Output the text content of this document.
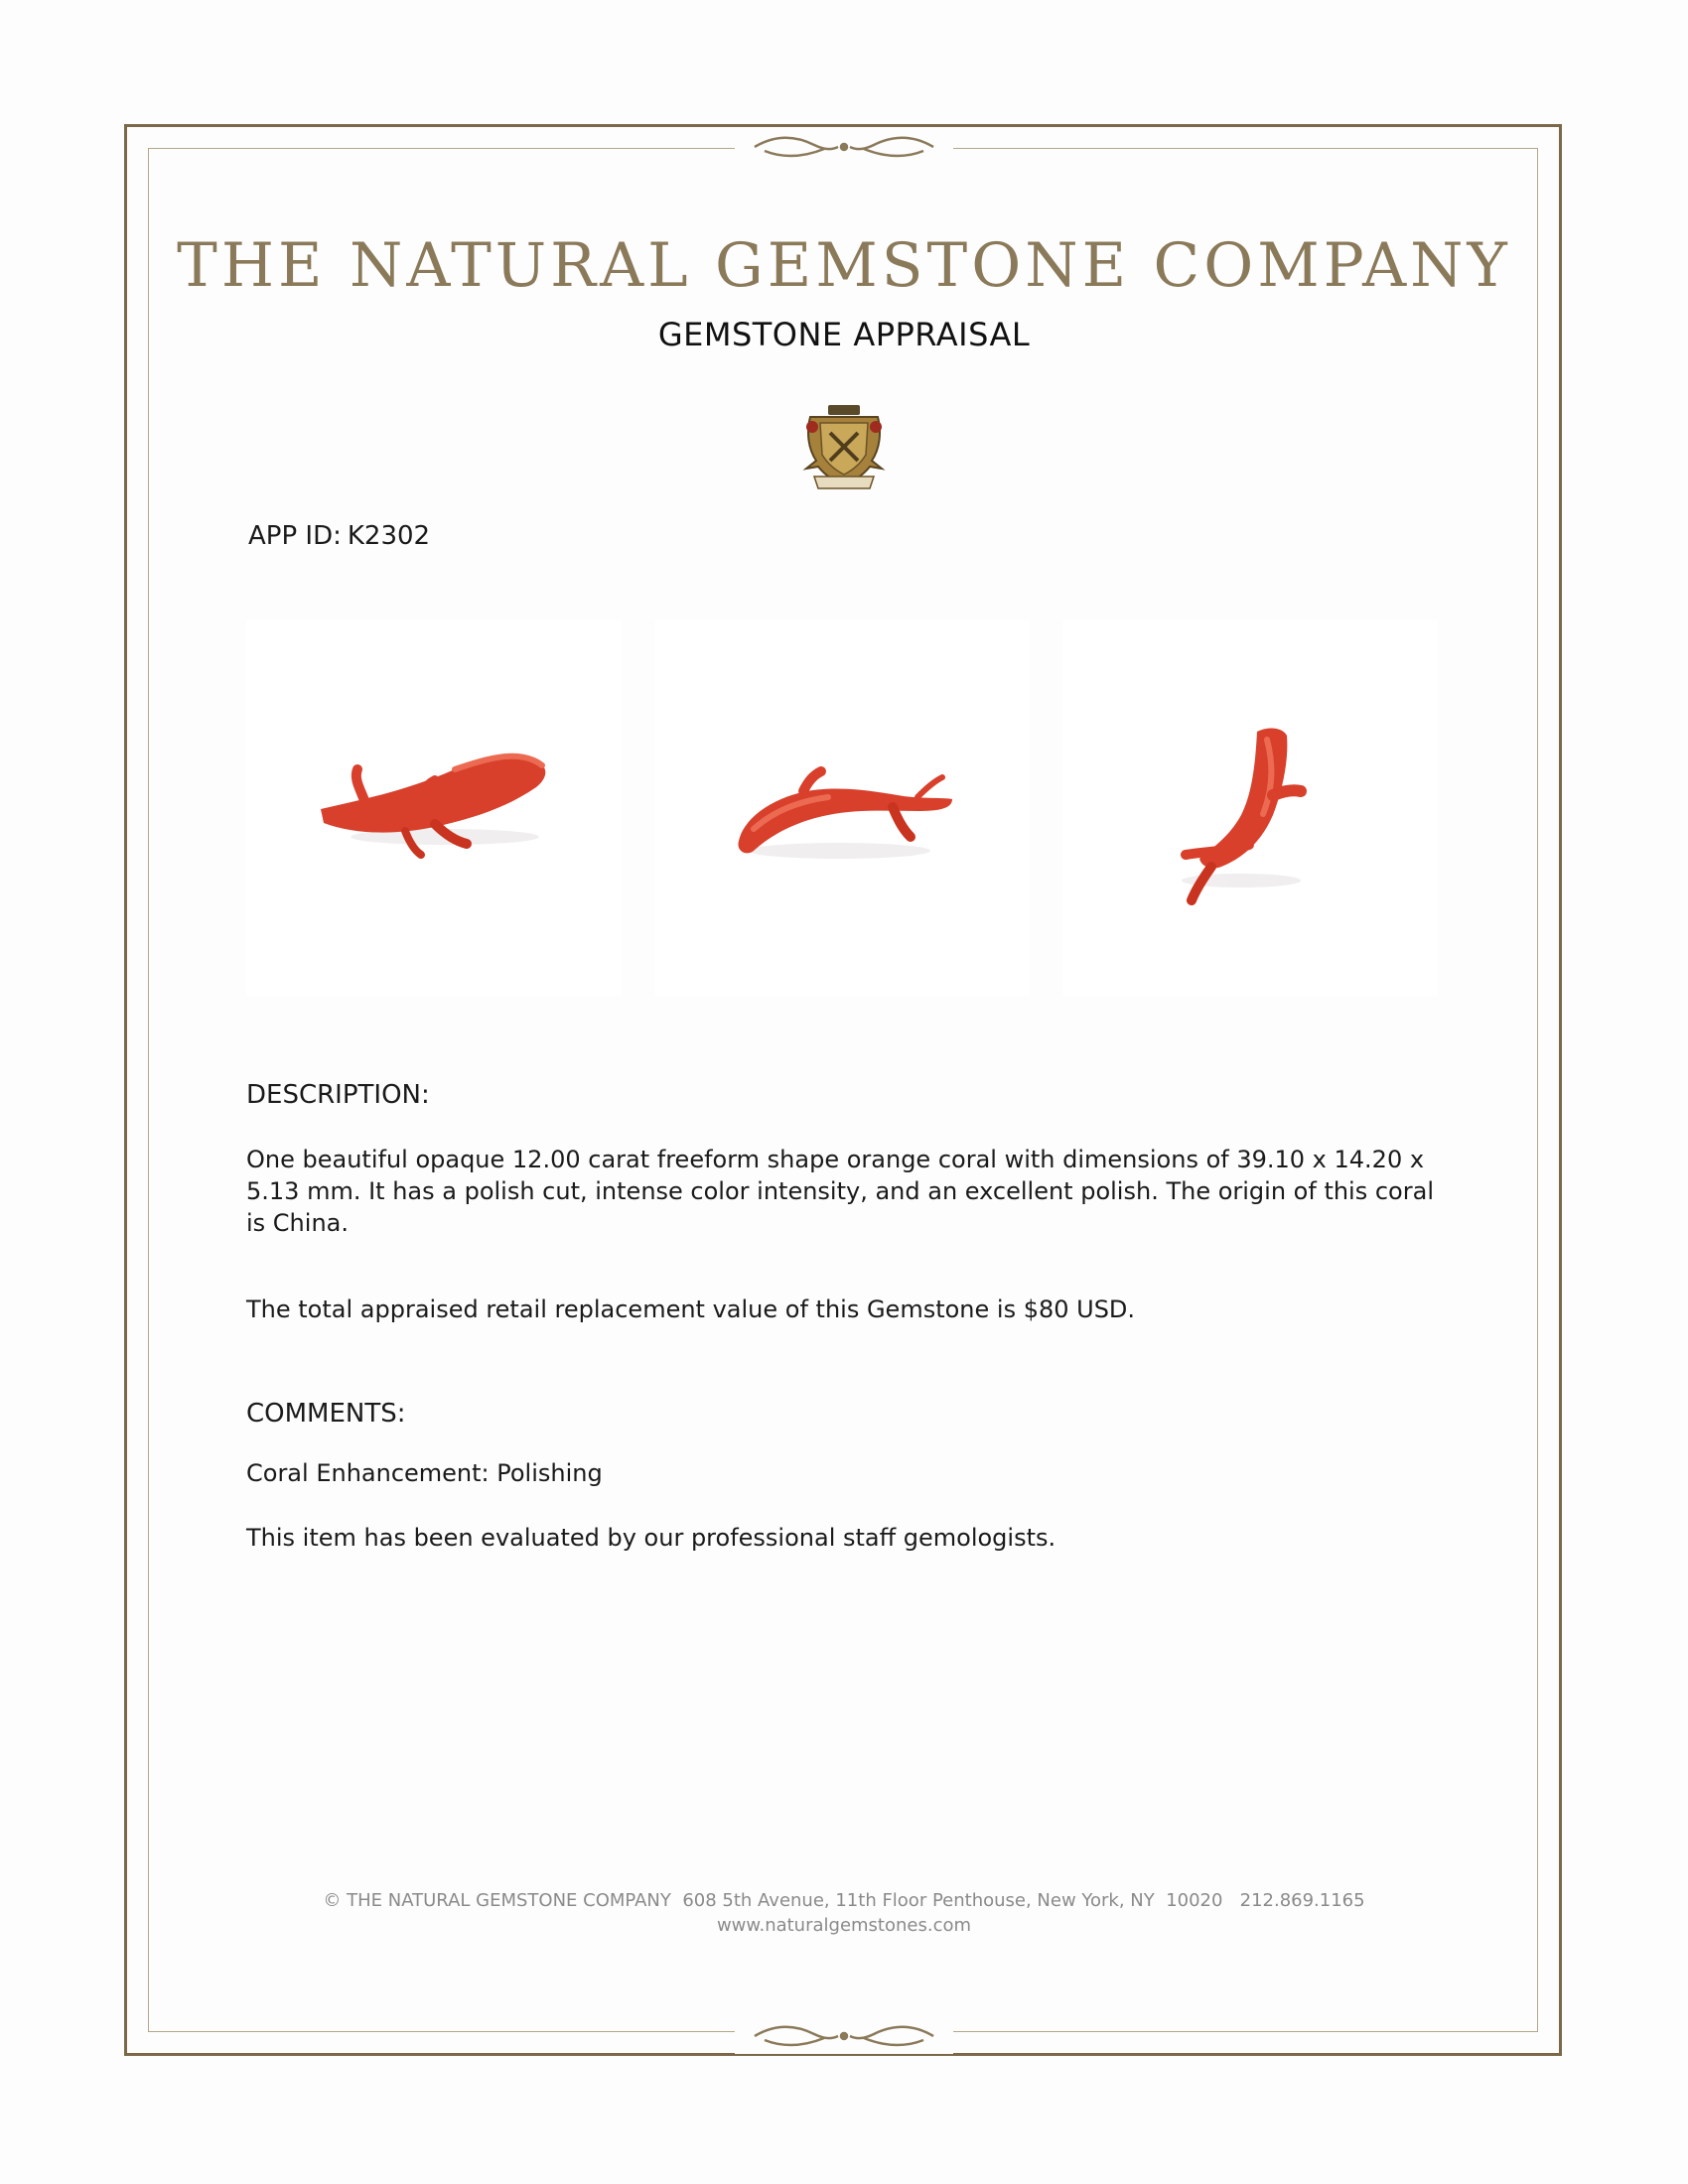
THE NATURAL GEMSTONE COMPANY
GEMSTONE APPRAISAL
APP ID: K2302
DESCRIPTION:
One beautiful opaque 12.00 carat freeform shape orange coral with dimensions of 39.10 x 14.20 x 5.13 mm. It has a polish cut, intense color intensity, and an excellent polish. The origin of this coral is China.
The total appraised retail replacement value of this Gemstone is $80 USD.
COMMENTS:
Coral Enhancement: Polishing
This item has been evaluated by our professional staff gemologists.
© THE NATURAL GEMSTONE COMPANY  608 5th Avenue, 11th Floor Penthouse, New York, NY  10020   212.869.1165
www.naturalgemstones.com
